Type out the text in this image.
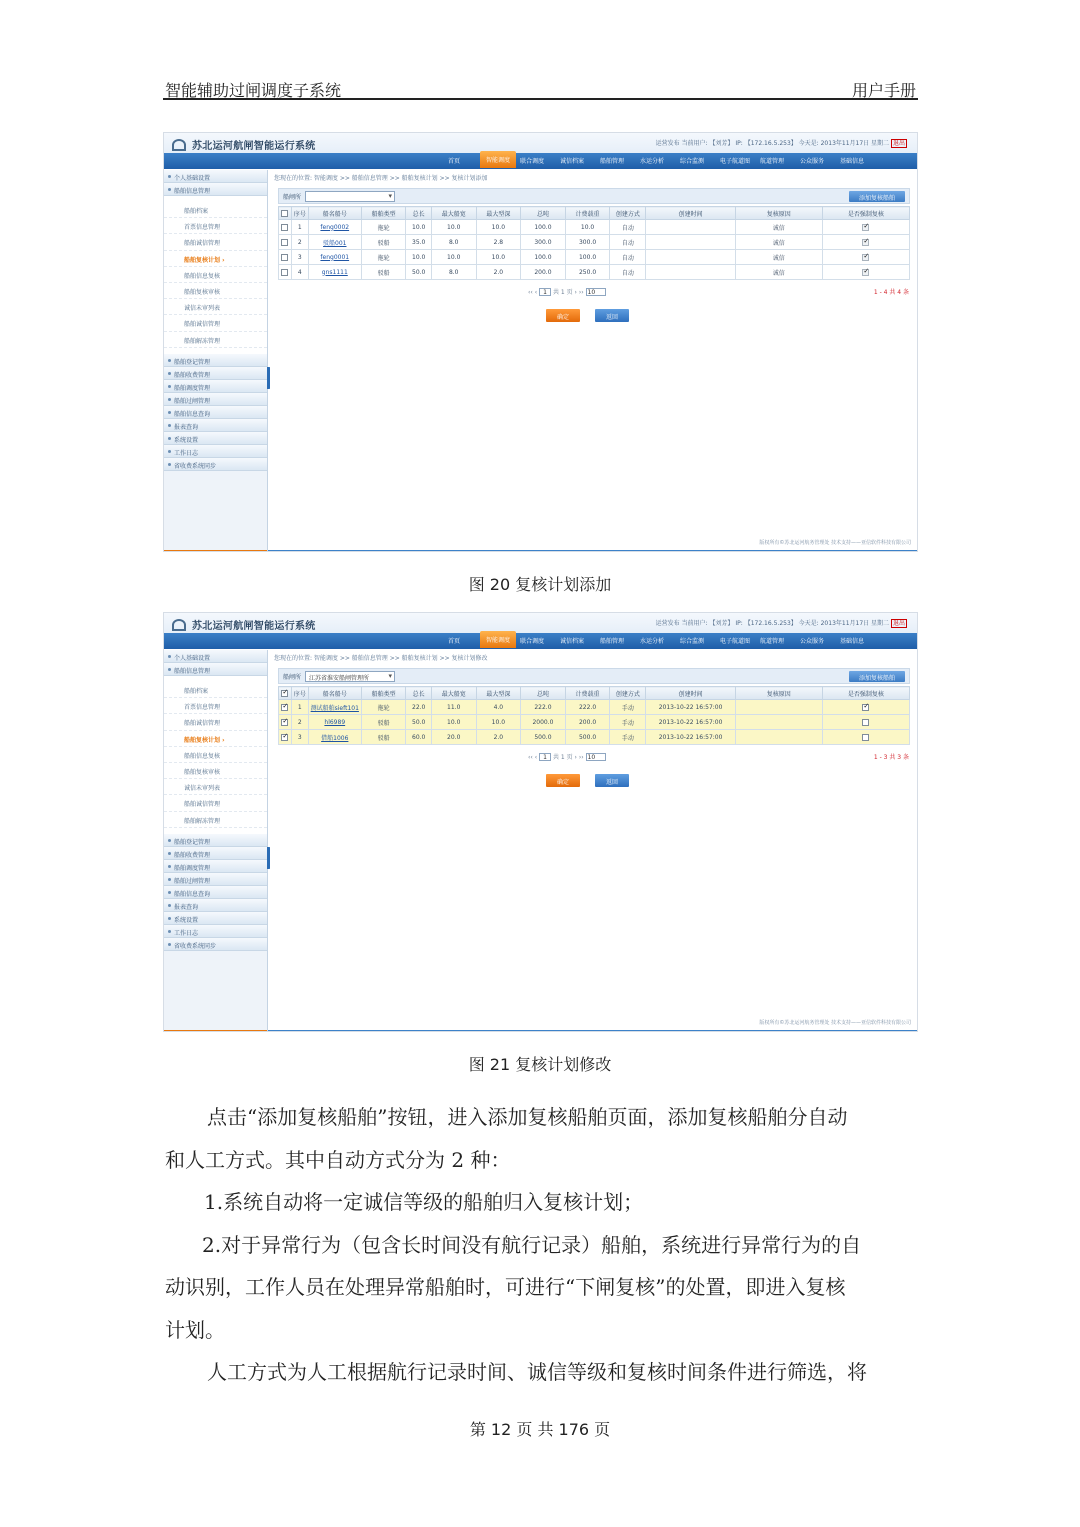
智能辅助过闸调度子系统	用户手册
苏北运河航闸智能运行系统	运营发布 当前用户: 【刘芳】 IP: 【172.16.5.253】 今天是: 2013年11月17日 星期二 退出
首页	智能调度	联合调度	诚信档案	船舶管理	水运分析	综合监测	电子航道图 航道管理	公众服务	基础信息
个人基础设置
船舶信息管理
船舶档案
首票信息管理
船舶诚信管理
船舶复核计划 ›
船舶信息复核
船舶复核审核
诚信未审列表
船舶诚信管理
船舶解冻管理
船舶登记管理
船舶收费管理
船舶调度管理
船舶过闸管理
船舶信息查询
报表查询
系统设置
工作日志
省收费系统同步
您现在的位置: 智能调度 >> 船舶信息管理 >> 船舶复核计划 >> 复核计划添加
船闸所 ▾	添加复核船舶
	序号	船名船号	船舶类型	总长	最大船宽	最大型深	总吨	计费载重	创建方式	创建时间	复核原因	是否强制复核
	1	feng0002	拖轮	10.0	10.0	10.0	100.0	10.0	自动		诚信	✓
	2	驳船001	驳船	35.0	8.0	2.8	300.0	300.0	自动		诚信	✓
	3	feng0001	拖轮	10.0	10.0	10.0	100.0	100.0	自动		诚信	✓
	4	gns1111	驳船	50.0	8.0	2.0	200.0	250.0	自动		诚信	✓
‹‹ ‹ 1 共 1 页 › ›› 10	1 - 4 共 4 条
确定	返回
版权所有©苏北运河航务管理处 技术支持——亚信软件科技有限公司
苏北运河航闸智能运行系统	运营发布 当前用户: 【刘芳】 IP: 【172.16.5.253】 今天是: 2013年11月17日 星期二 退出
首页	智能调度	联合调度	诚信档案	船舶管理	水运分析	综合监测	电子航道图 航道管理	公众服务	基础信息
个人基础设置
船舶信息管理
船舶档案
首票信息管理
船舶诚信管理
船舶复核计划 ›
船舶信息复核
船舶复核审核
诚信未审列表
船舶诚信管理
船舶解冻管理
船舶登记管理
船舶收费管理
船舶调度管理
船舶过闸管理
船舶信息查询
报表查询
系统设置
工作日志
省收费系统同步
您现在的位置: 智能调度 >> 船舶信息管理 >> 船舶复核计划 >> 复核计划修改
船闸所	江苏省淮安船闸管理所 ▾	添加复核船舶
✓	序号	船名船号	船舶类型	总长	最大船宽	最大型深	总吨	计费载重	创建方式	创建时间	复核原因	是否强制复核
✓	1	测试船舶sieft101	拖轮	22.0	11.0	4.0	222.0	222.0	手动	2013-10-22 16:57:00		✓
✓	2	hl6989	驳船	50.0	10.0	10.0	2000.0	200.0	手动	2013-10-22 16:57:00		
✓	3	借船1006	驳船	60.0	20.0	2.0	500.0	500.0	手动	2013-10-22 16:57:00		
‹‹ ‹ 1 共 1 页 › ›› 10	1 - 3 共 3 条
确定	返回
版权所有©苏北运河航务管理处 技术支持——亚信软件科技有限公司
图 20 复核计划添加
图 21 复核计划修改
点击“添加复核船舶”按钮，进入添加复核船舶页面，添加复核船舶分自动
和人工方式。其中自动方式分为 2 种：
1.系统自动将一定诚信等级的船舶归入复核计划；
2.对于异常行为（包含长时间没有航行记录）船舶，系统进行异常行为的自
动识别，工作人员在处理异常船舶时，可进行“下闸复核”的处置，即进入复核
计划。
人工方式为人工根据航行记录时间、诚信等级和复核时间条件进行筛选，将
第 12 页 共 176 页
